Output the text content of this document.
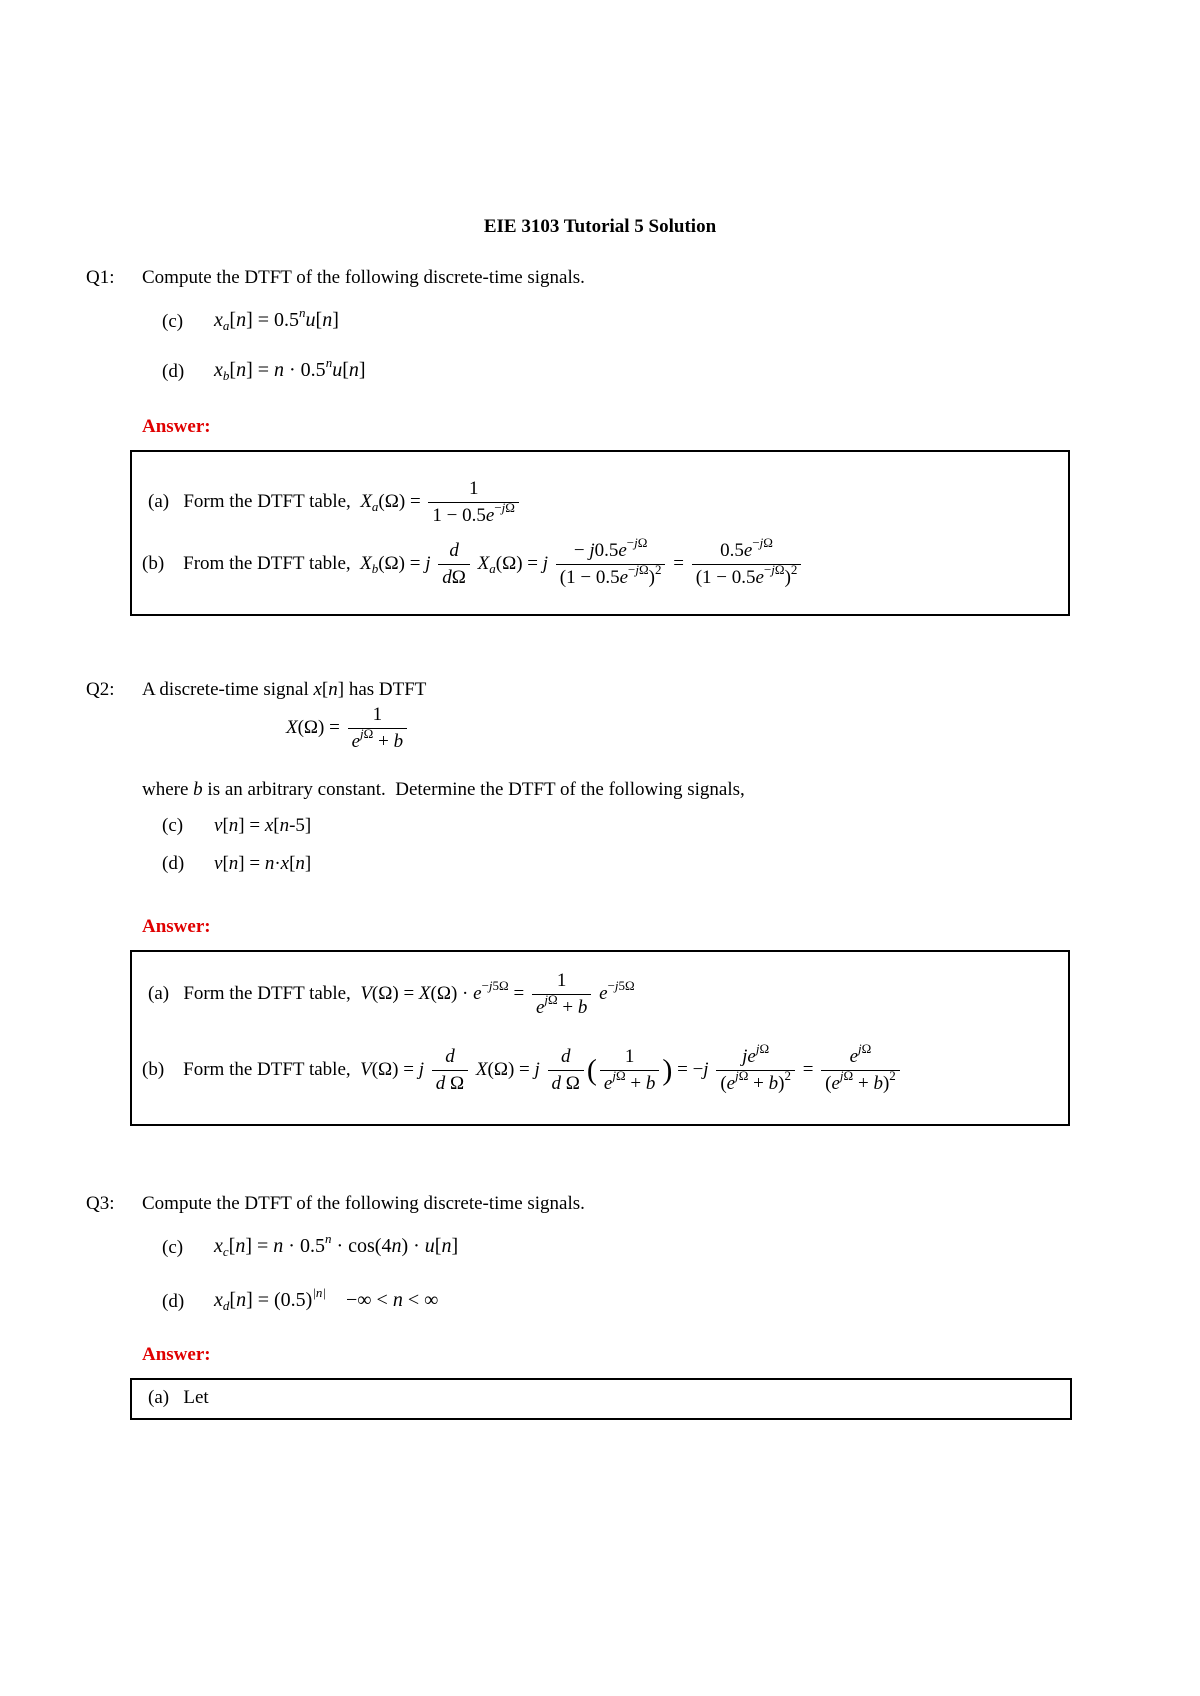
EIE 3103 Tutorial 5 Solution
Q1: Compute the DTFT of the following discrete-time signals.
(c) $x_a[n] = 0.5^nu[n]$
(d) $x_b[n] = n \cdot 0.5^nu[n]$
Answer:
(a) Form the DTFT table, $X_a(\Omega) = \frac{1}{1 - 0.5e^{-j\Omega}}$
(b) From the DTFT table, $X_b(\Omega) = j \frac{d}{d\Omega} X_a(\Omega) = j \frac{- j0.5e^{-j\Omega}}{(1 - 0.5e^{-j\Omega})^2} = \frac{0.5e^{-j\Omega}}{(1 - 0.5e^{-j\Omega})^2}$
Q2: A discrete-time signal x[n] has DTFT
$X(\Omega) = \frac{1}{e^{j\Omega} + b}$
where b is an arbitrary constant.  Determine the DTFT of the following signals,
(c) v[n] = x[n-5]
(d) v[n] = n·x[n]
Answer:
(a) Form the DTFT table, $V(\Omega) = X(\Omega) \cdot e^{-j5\Omega} = \frac{1}{e^{j\Omega} + b} e^{-j5\Omega}$
(b) Form the DTFT table, V(Ω) = j $\frac{d}{\text{d Ω}} X(\Omega) = j \frac{d}{\text{d Ω}}$ ( $\frac{1}{e^{j\Omega} + b}$ ) = $-j \frac{je^{j\Omega}}{(e^{j\Omega} + b)^2} = \frac{e^{j\Omega}}{(e^{j\Omega} + b)^2}$
Q3: Compute the DTFT of the following discrete-time signals.
(c) $x_c[n] = n \cdot 0.5^n \cdot \cos(4n) \cdot u[n]$
(d) $x_d[n] = (0.5)^{|n|}$    −∞ < n < ∞
Answer:
(a) Let
